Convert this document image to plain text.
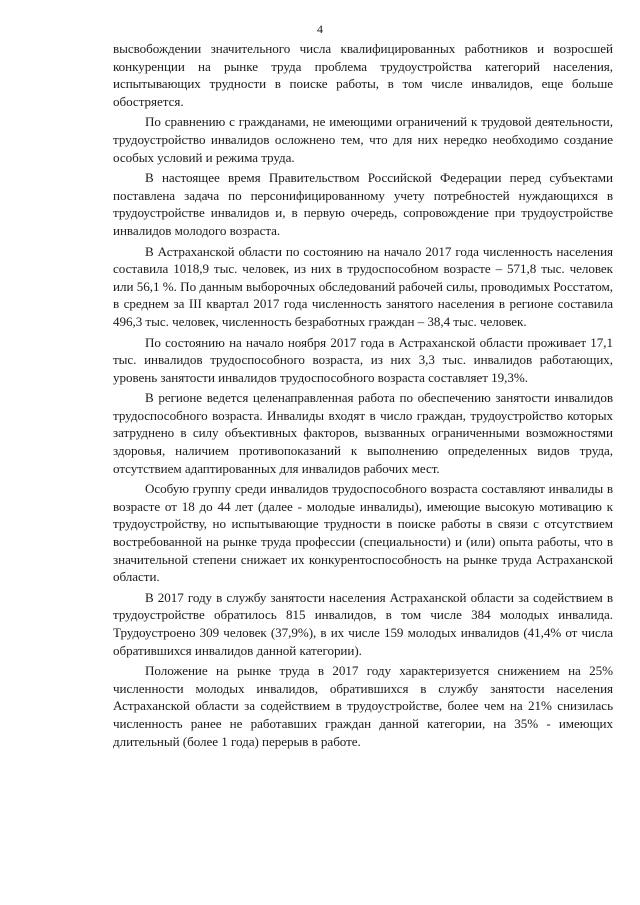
4

высвобождении значительного числа квалифицированных работников и возросшей конкуренции на рынке труда проблема трудоустройства категорий населения, испытывающих трудности в поиске работы, в том числе инвалидов, еще больше обостряется.

По сравнению с гражданами, не имеющими ограничений к трудовой деятельности, трудоустройство инвалидов осложнено тем, что для них нередко необходимо создание особых условий и режима труда.

В настоящее время Правительством Российской Федерации перед субъектами поставлена задача по персонифицированному учету потребностей нуждающихся в трудоустройстве инвалидов и, в первую очередь, сопровождение при трудоустройстве инвалидов молодого возраста.

В Астраханской области по состоянию на начало 2017 года численность населения составила 1018,9 тыс. человек, из них в трудоспособном возрасте – 571,8 тыс. человек или 56,1 %. По данным выборочных обследований рабочей силы, проводимых Росстатом, в среднем за III квартал 2017 года численность занятого населения в регионе составила 496,3 тыс. человек, численность безработных граждан – 38,4 тыс. человек.

По состоянию на начало ноября 2017 года в Астраханской области проживает 17,1 тыс. инвалидов трудоспособного возраста, из них 3,3 тыс. инвалидов работающих, уровень занятости инвалидов трудоспособного возраста составляет 19,3%.

В регионе ведется целенаправленная работа по обеспечению занятости инвалидов трудоспособного возраста. Инвалиды входят в число граждан, трудоустройство которых затруднено в силу объективных факторов, вызванных ограниченными возможностями здоровья, наличием противопоказаний к выполнению определенных видов труда, отсутствием адаптированных для инвалидов рабочих мест.

Особую группу среди инвалидов трудоспособного возраста составляют инвалиды в возрасте от 18 до 44 лет (далее - молодые инвалиды), имеющие высокую мотивацию к трудоустройству, но испытывающие трудности в поиске работы в связи с отсутствием востребованной на рынке труда профессии (специальности) и (или) опыта работы, что в значительной степени снижает их конкурентоспособность на рынке труда Астраханской области.

В 2017 году в службу занятости населения Астраханской области за содействием в трудоустройстве обратилось 815 инвалидов, в том числе 384 молодых инвалида. Трудоустроено 309 человек (37,9%), в их числе 159 молодых инвалидов (41,4% от числа обратившихся инвалидов данной категории).

Положение на рынке труда в 2017 году характеризуется снижением на 25% численности молодых инвалидов, обратившихся в службу занятости населения Астраханской области за содействием в трудоустройстве, более чем на 21% снизилась численность ранее не работавших граждан данной категории, на 35% - имеющих длительный (более 1 года) перерыв в работе.
